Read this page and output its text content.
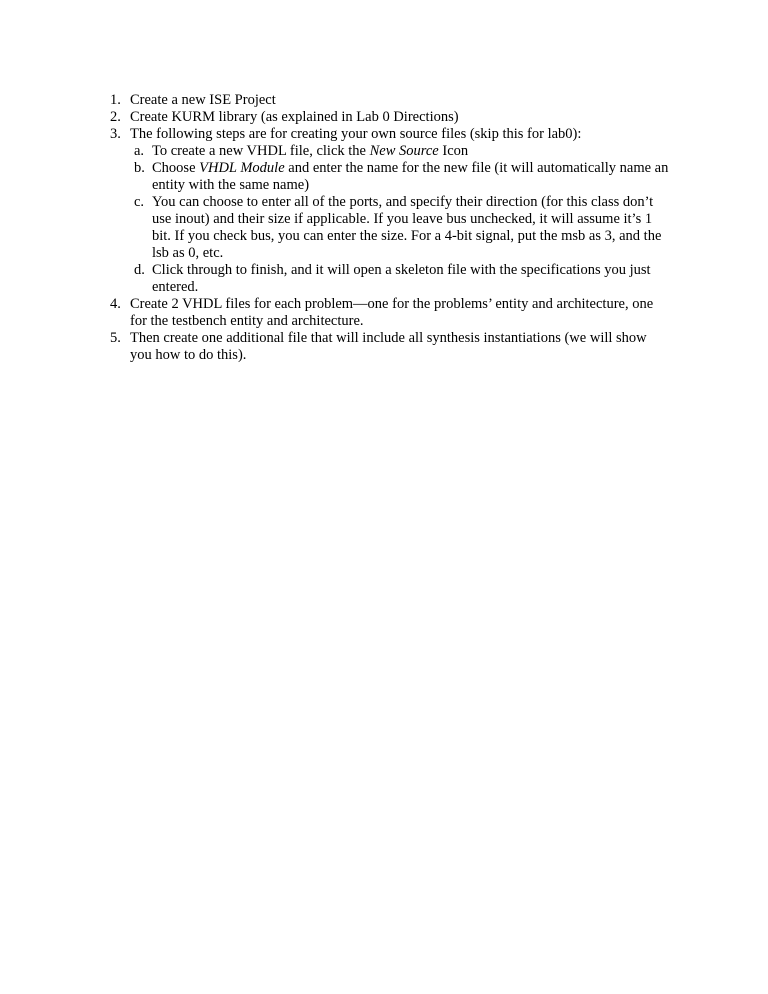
1. Create a new ISE Project
2. Create KURM library (as explained in Lab 0 Directions)
3. The following steps are for creating your own source files (skip this for lab0):
a. To create a new VHDL file, click the New Source Icon
b. Choose VHDL Module and enter the name for the new file (it will automatically name an entity with the same name)
c. You can choose to enter all of the ports, and specify their direction (for this class don’t use inout) and their size if applicable. If you leave bus unchecked, it will assume it’s 1 bit. If you check bus, you can enter the size. For a 4-bit signal, put the msb as 3, and the lsb as 0, etc.
d. Click through to finish, and it will open a skeleton file with the specifications you just entered.
4. Create 2 VHDL files for each problem—one for the problems’ entity and architecture, one for the testbench entity and architecture.
5. Then create one additional file that will include all synthesis instantiations (we will show you how to do this).
